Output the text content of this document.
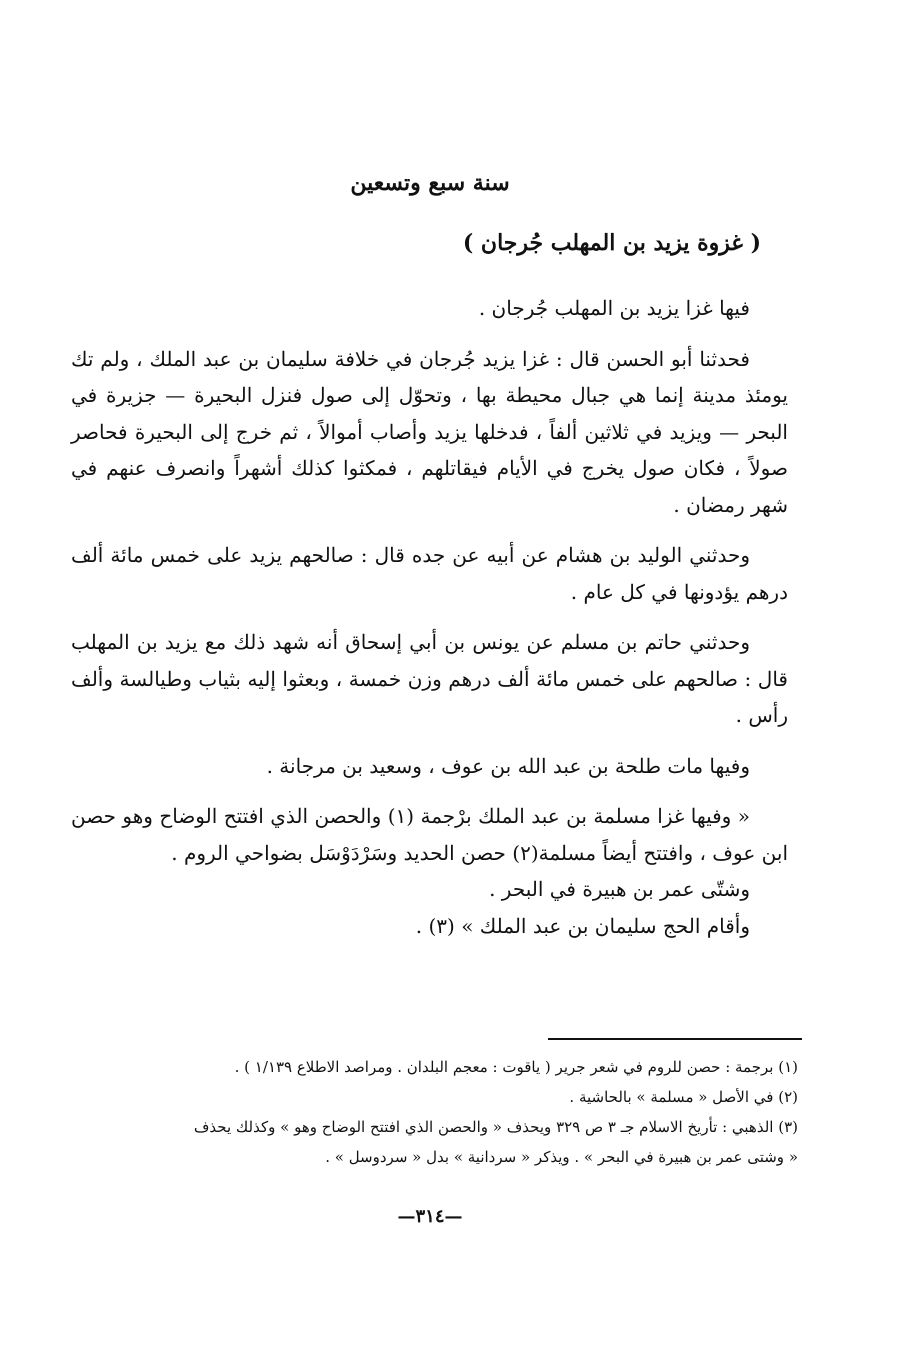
سنة سبع وتسعين
( غزوة يزيد بن المهلب جُرجان )

فيها غزا يزيد بن المهلب جُرجان .

فحدثنا أبو الحسن قال : غزا يزيد جُرجان في خلافة سليمان بن عبد الملك ، ولم تك يومئذ مدينة إنما هي جبال محيطة بها ، وتحوّل إلى صول فنزل البحيرة — جزيرة في البحر — ويزيد في ثلاثين ألفاً ، فدخلها يزيد وأصاب أموالاً ، ثم خرج إلى البحيرة فحاصر صولاً ، فكان صول يخرج في الأيام فيقاتلهم ، فمكثوا كذلك أشهراً وانصرف عنهم في شهر رمضان .

وحدثني الوليد بن هشام عن أبيه عن جده قال : صالحهم يزيد على خمس مائة ألف درهم يؤدونها في كل عام .

وحدثني حاتم بن مسلم عن يونس بن أبي إسحاق أنه شهد ذلك مع يزيد بن المهلب قال : صالحهم على خمس مائة ألف درهم وزن خمسة ، وبعثوا إليه بثياب وطيالسة وألف رأس .

وفيها مات طلحة بن عبد الله بن عوف ، وسعيد بن مرجانة .

« وفيها غزا مسلمة بن عبد الملك برْجمة (١) والحصن الذي افتتح الوضاح وهو حصن ابن عوف ، وافتتح أيضاً مسلمة(٢) حصن الحديد وسَرْدَوْسَل بضواحي الروم .

وشتّى عمر بن هبيرة في البحر .

وأقام الحج سليمان بن عبد الملك » (٣) .

(١) برجمة : حصن للروم في شعر جرير ( ياقوت : معجم البلدان . ومراصد الاطلاع ١/١٣٩ ) .

(٢) في الأصل « مسلمة » بالحاشية .

(٣) الذهبي : تأريخ الاسلام جـ ٣ ص ٣٢٩ ويحذف « والحصن الذي افتتح الوضاح وهو » وكذلك يحذف

« وشتى عمر بن هبيرة في البحر » . ويذكر « سردانية » بدل « سردوسل » .

—٣١٤—
